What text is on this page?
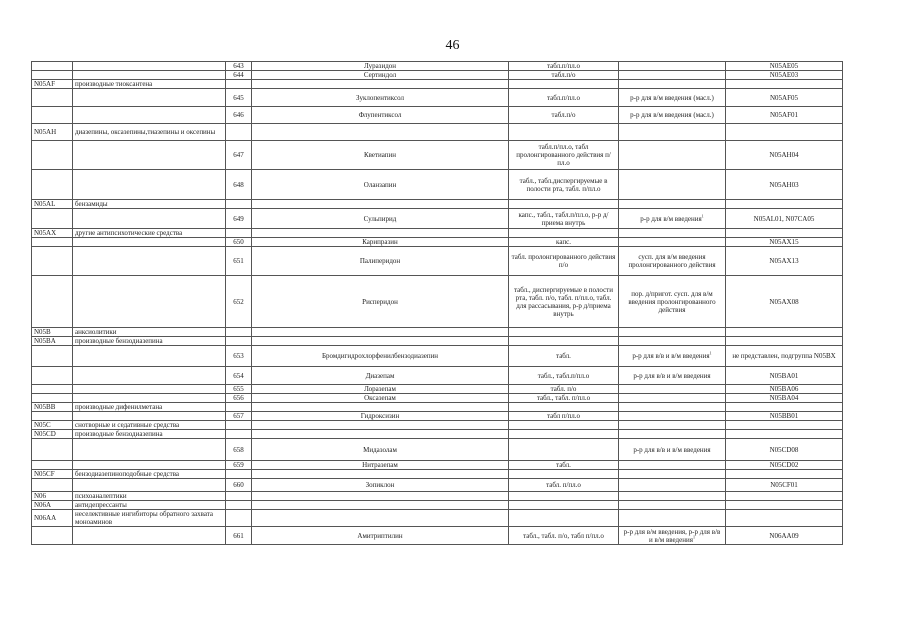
46
		643	Луразидон	табл.п/пл.о		N05AE05
		644	Сертиндол	табл.п/о		N05AE03
N05AF	производные тиоксантена					
		645	Зуклопентиксол	табл.п/пл.о	р-р для в/м введения (масл.)	N05AF05
		646	Флупентиксол	табл.п/о	р-р для в/м введения (масл.)	N05AF01
N05AH	диазепины, оксазепины,тиазепины и оксепины					
		647	Кветиапин	табл.п/пл.о, табл пролонгированного действия п/пл.о		N05AH04
		648	Оланзапин	табл., табл.диспергируемые в полости рта, табл. п/пл.о		N05AH03
N05AL	бензамиды					
		649	Сульпирид	капс., табл., табл.п/пл.о, р-р д/приема внутрь	р-р для в/м введения$^1$	N05AL01, N07CA05
N05AX	другие антипсихотические средства					
		650	Карипразин	капс.		N05AX15
		651	Палиперидон	табл. пролонгированного действия п/о	сусп. для в/м введения пролонгированного действия	N05AX13
		652	Рисперидон	табл., диспергируемые в полости рта, табл. п/о, табл. п/пл.о, табл. для рассасывания, р-р д/приема внутрь	пор. д/пригот. сусп. для в/м введения пролонгированного действия	N05AX08
N05B	анксиолитики					
N05BA	производные бензодиазепина					
		653	Бромдигидрохлорфенилбензодиазепин	табл.	р-р для в/в и в/м введения$^1$	не представлен, подгруппа N05BX
		654	Диазепам	табл., табл.п/пл.о	р-р для в/в и в/м введения	N05BA01
		655	Лоразепам	табл. п/о		N05BA06
		656	Оксазепам	табл., табл. п/пл.о		N05BA04
N05BB	производные дифенилметана					
		657	Гидроксизин	табл п/пл.о		N05BB01
N05C	снотворные и седативные средства					
N05CD	производные бензодиазепина					
		658	Мидазолам		р-р для в/в и в/м введения	N05CD08
		659	Нитразепам	табл.		N05CD02
N05CF	бензодиазепиноподобные средства					
		660	Зопиклон	табл. п/пл.о		N05CF01
N06	психоаналептики					
N06A	антидепрессанты					
N06AA	неселективные ингибиторы обратного захвата моноаминов					
		661	Амитриптилин	табл., табл. п/о, табл п/пл.о	р-р для в/м введения, р-р для в/в и в/м введения$^1$	N06AA09
